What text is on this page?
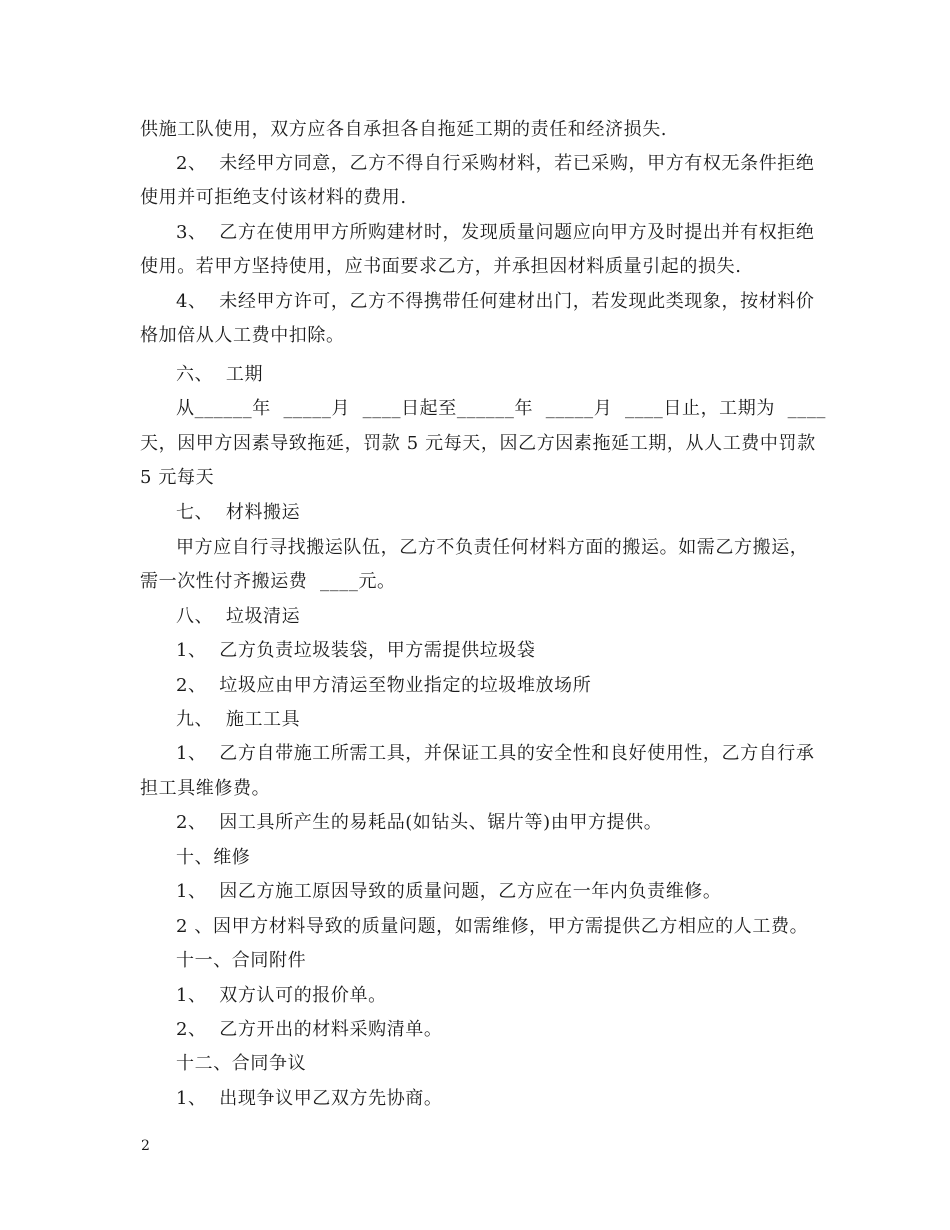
供施工队使用，双方应各自承担各自拖延工期的责任和经济损失.
2、  未经甲方同意，乙方不得自行采购材料，若已采购，甲方有权无条件拒绝
使用并可拒绝支付该材料的费用.
3、  乙方在使用甲方所购建材时，发现质量问题应向甲方及时提出并有权拒绝
使用。若甲方坚持使用，应书面要求乙方，并承担因材料质量引起的损失.
4、  未经甲方许可，乙方不得携带任何建材出门，若发现此类现象，按材料价
格加倍从人工费中扣除。
六、  工期
从______年  _____月  ____日起至______年  _____月  ____日止，工期为  ____
天，因甲方因素导致拖延，罚款 5 元每天，因乙方因素拖延工期，从人工费中罚款
5 元每天
七、  材料搬运
甲方应自行寻找搬运队伍，乙方不负责任何材料方面的搬运。如需乙方搬运，
需一次性付齐搬运费  ____元。
八、  垃圾清运
1、  乙方负责垃圾装袋，甲方需提供垃圾袋
2、  垃圾应由甲方清运至物业指定的垃圾堆放场所
九、  施工工具
1、  乙方自带施工所需工具，并保证工具的安全性和良好使用性，乙方自行承
担工具维修费。
2、  因工具所产生的易耗品(如钻头、锯片等)由甲方提供。
十、维修
1、  因乙方施工原因导致的质量问题，乙方应在一年内负责维修。
2 、因甲方材料导致的质量问题，如需维修，甲方需提供乙方相应的人工费。
十一、合同附件
1、  双方认可的报价单。
2、  乙方开出的材料采购清单。
十二、合同争议
1、  出现争议甲乙双方先协商。
2
